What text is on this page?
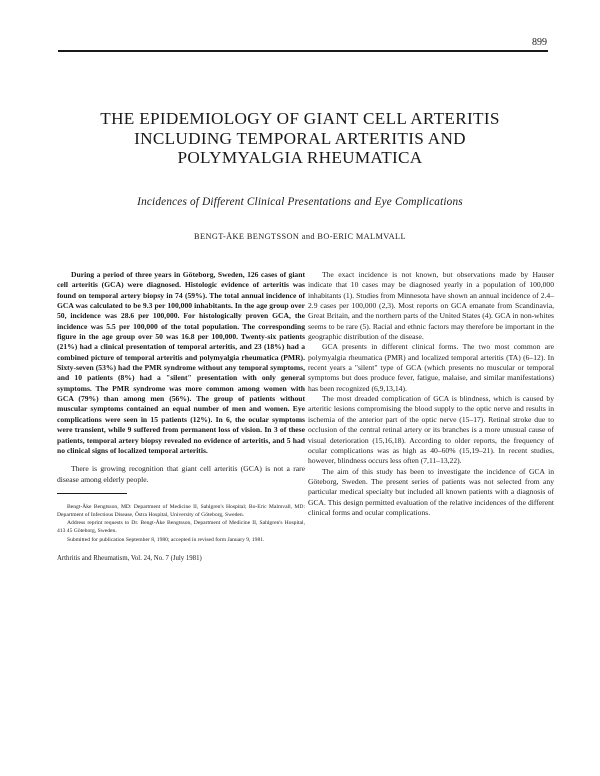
899
THE EPIDEMIOLOGY OF GIANT CELL ARTERITIS
INCLUDING TEMPORAL ARTERITIS AND
POLYMYALGIA RHEUMATICA
Incidences of Different Clinical Presentations and Eye Complications
BENGT-ÅKE BENGTSSON and BO-ERIC MALMVALL

During a period of three years in Göteborg, Sweden, 126 cases of giant cell arteritis (GCA) were diagnosed. Histologic evidence of arteritis was found on temporal artery biopsy in 74 (59%). The total annual incidence of GCA was calculated to be 9.3 per 100,000 inhabitants. In the age group over 50, incidence was 28.6 per 100,000. For histologically proven GCA, the incidence was 5.5 per 100,000 of the total population. The corresponding figure in the age group over 50 was 16.8 per 100,000. Twenty-six patients (21%) had a clinical presentation of temporal arteritis, and 23 (18%) had a combined picture of temporal arteritis and polymyalgia rheumatica (PMR). Sixty-seven (53%) had the PMR syndrome without any temporal symptoms, and 10 patients (8%) had a "silent" presentation with only general symptoms. The PMR syndrome was more common among women with GCA (79%) than among men (56%). The group of patients without muscular symptoms contained an equal number of men and women. Eye complications were seen in 15 patients (12%). In 6, the ocular symptoms were transient, while 9 suffered from permanent loss of vision. In 3 of these patients, temporal artery biopsy revealed no evidence of arteritis, and 5 had no clinical signs of localized temporal arteritis.

There is growing recognition that giant cell arteritis (GCA) is not a rare disease among elderly people.

Bengt-Åke Bengtsson, MD: Department of Medicine II, Sahlgren's Hospital; Bo-Eric Malmvall, MD: Department of Infectious Disease, Östra Hospital, University of Göteborg, Sweden.

Address reprint requests to Dr. Bengt-Åke Bengtsson, Department of Medicine II, Sahlgren's Hospital, 413 45 Göteborg, Sweden.

Submitted for publication September 8, 1980; accepted in revised form January 9, 1981.

Arthritis and Rheumatism, Vol. 24, No. 7 (July 1981)

The exact incidence is not known, but observations made by Hauser indicate that 10 cases may be diagnosed yearly in a population of 100,000 inhabitants (1). Studies from Minnesota have shown an annual incidence of 2.4–2.9 cases per 100,000 (2,3). Most reports on GCA emanate from Scandinavia, Great Britain, and the northern parts of the United States (4). GCA in non-whites seems to be rare (5). Racial and ethnic factors may therefore be important in the geographic distribution of the disease.

GCA presents in different clinical forms. The two most common are polymyalgia rheumatica (PMR) and localized temporal arteritis (TA) (6–12). In recent years a "silent" type of GCA (which presents no muscular or temporal symptoms but does produce fever, fatigue, malaise, and similar manifestations) has been recognized (6,9,13,14).

The most dreaded complication of GCA is blindness, which is caused by arteritic lesions compromising the blood supply to the optic nerve and results in ischemia of the anterior part of the optic nerve (15–17). Retinal stroke due to occlusion of the central retinal artery or its branches is a more unusual cause of visual deterioration (15,16,18). According to older reports, the frequency of ocular complications was as high as 40–60% (15,19–21). In recent studies, however, blindness occurs less often (7,11–13,22).

The aim of this study has been to investigate the incidence of GCA in Göteborg, Sweden. The present series of patients was not selected from any particular medical specialty but included all known patients with a diagnosis of GCA. This design permitted evaluation of the relative incidences of the different clinical forms and ocular complications.
